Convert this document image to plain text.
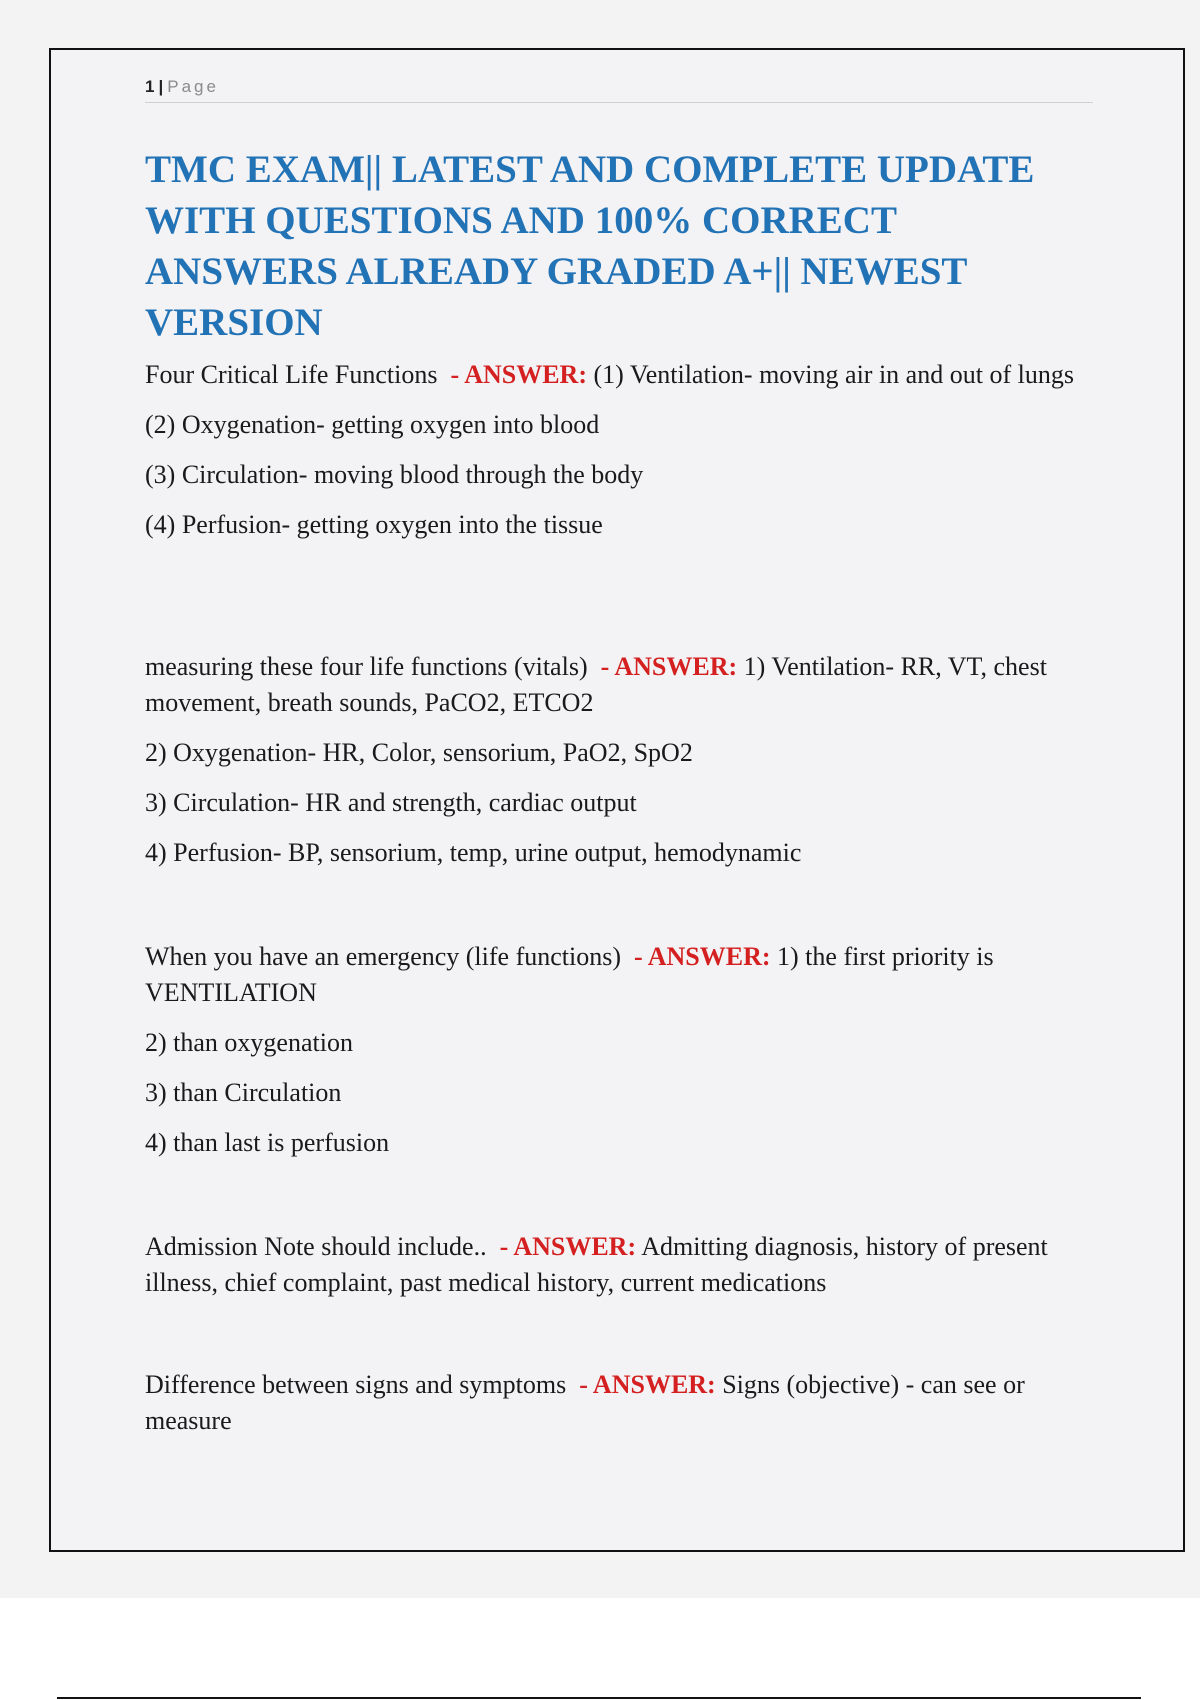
1 | Page
TMC EXAM|| LATEST AND COMPLETE UPDATE WITH QUESTIONS AND 100% CORRECT ANSWERS ALREADY GRADED A+|| NEWEST VERSION

Four Critical Life Functions - ANSWER: (1) Ventilation- moving air in and out of lungs

(2) Oxygenation- getting oxygen into blood

(3) Circulation- moving blood through the body

(4) Perfusion- getting oxygen into the tissue

measuring these four life functions (vitals) - ANSWER: 1) Ventilation- RR, VT, chest movement, breath sounds, PaCO2, ETCO2

2) Oxygenation- HR, Color, sensorium, PaO2, SpO2

3) Circulation- HR and strength, cardiac output

4) Perfusion- BP, sensorium, temp, urine output, hemodynamic

When you have an emergency (life functions) - ANSWER: 1) the first priority is VENTILATION

2) than oxygenation

3) than Circulation

4) than last is perfusion

Admission Note should include.. - ANSWER: Admitting diagnosis, history of present illness, chief complaint, past medical history, current medications

Difference between signs and symptoms - ANSWER: Signs (objective) - can see or measure
